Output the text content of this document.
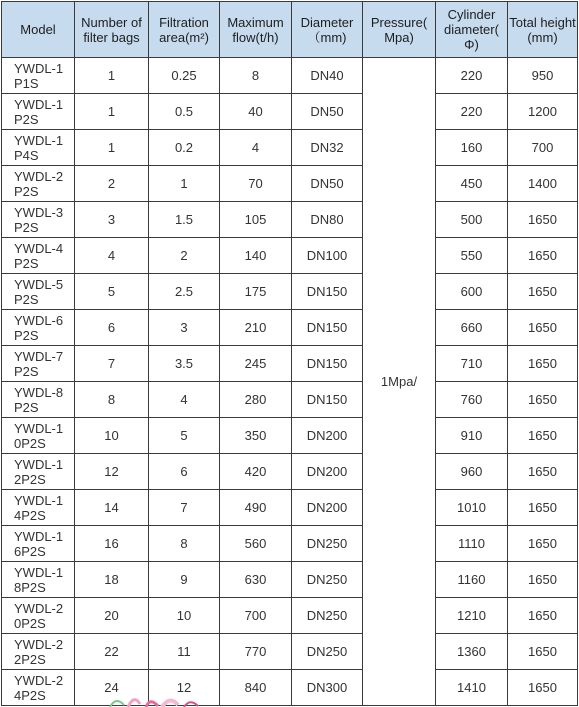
Model	Number of filter bags	Filtration area(m²)	Maximum flow(t/h)	Diameter （mm)	Pressure( Mpa)	Cylinder diameter( Φ)	Total height (mm)

YWDL-1P1S	1	0.25	8	DN40	1Mpa/	220	950

YWDL-1P2S	1	0.5	40	DN50		220	1200

YWDL-1P4S	1	0.2	4	DN32		160	700

YWDL-2P2S	2	1	70	DN50		450	1400

YWDL-3P2S	3	1.5	105	DN80		500	1650

YWDL-4P2S	4	2	140	DN100		550	1650

YWDL-5P2S	5	2.5	175	DN150		600	1650

YWDL-6P2S	6	3	210	DN150		660	1650

YWDL-7P2S	7	3.5	245	DN150		710	1650

YWDL-8P2S	8	4	280	DN150		760	1650

YWDL-10P2S	10	5	350	DN200		910	1650

YWDL-12P2S	12	6	420	DN200		960	1650

YWDL-14P2S	14	7	490	DN200		1010	1650

YWDL-16P2S	16	8	560	DN250		1110	1650

YWDL-18P2S	18	9	630	DN250		1160	1650

YWDL-20P2S	20	10	700	DN250		1210	1650

YWDL-22P2S	22	11	770	DN250		1360	1650

YWDL-24P2S	24	12	840	DN300		1410	1650
